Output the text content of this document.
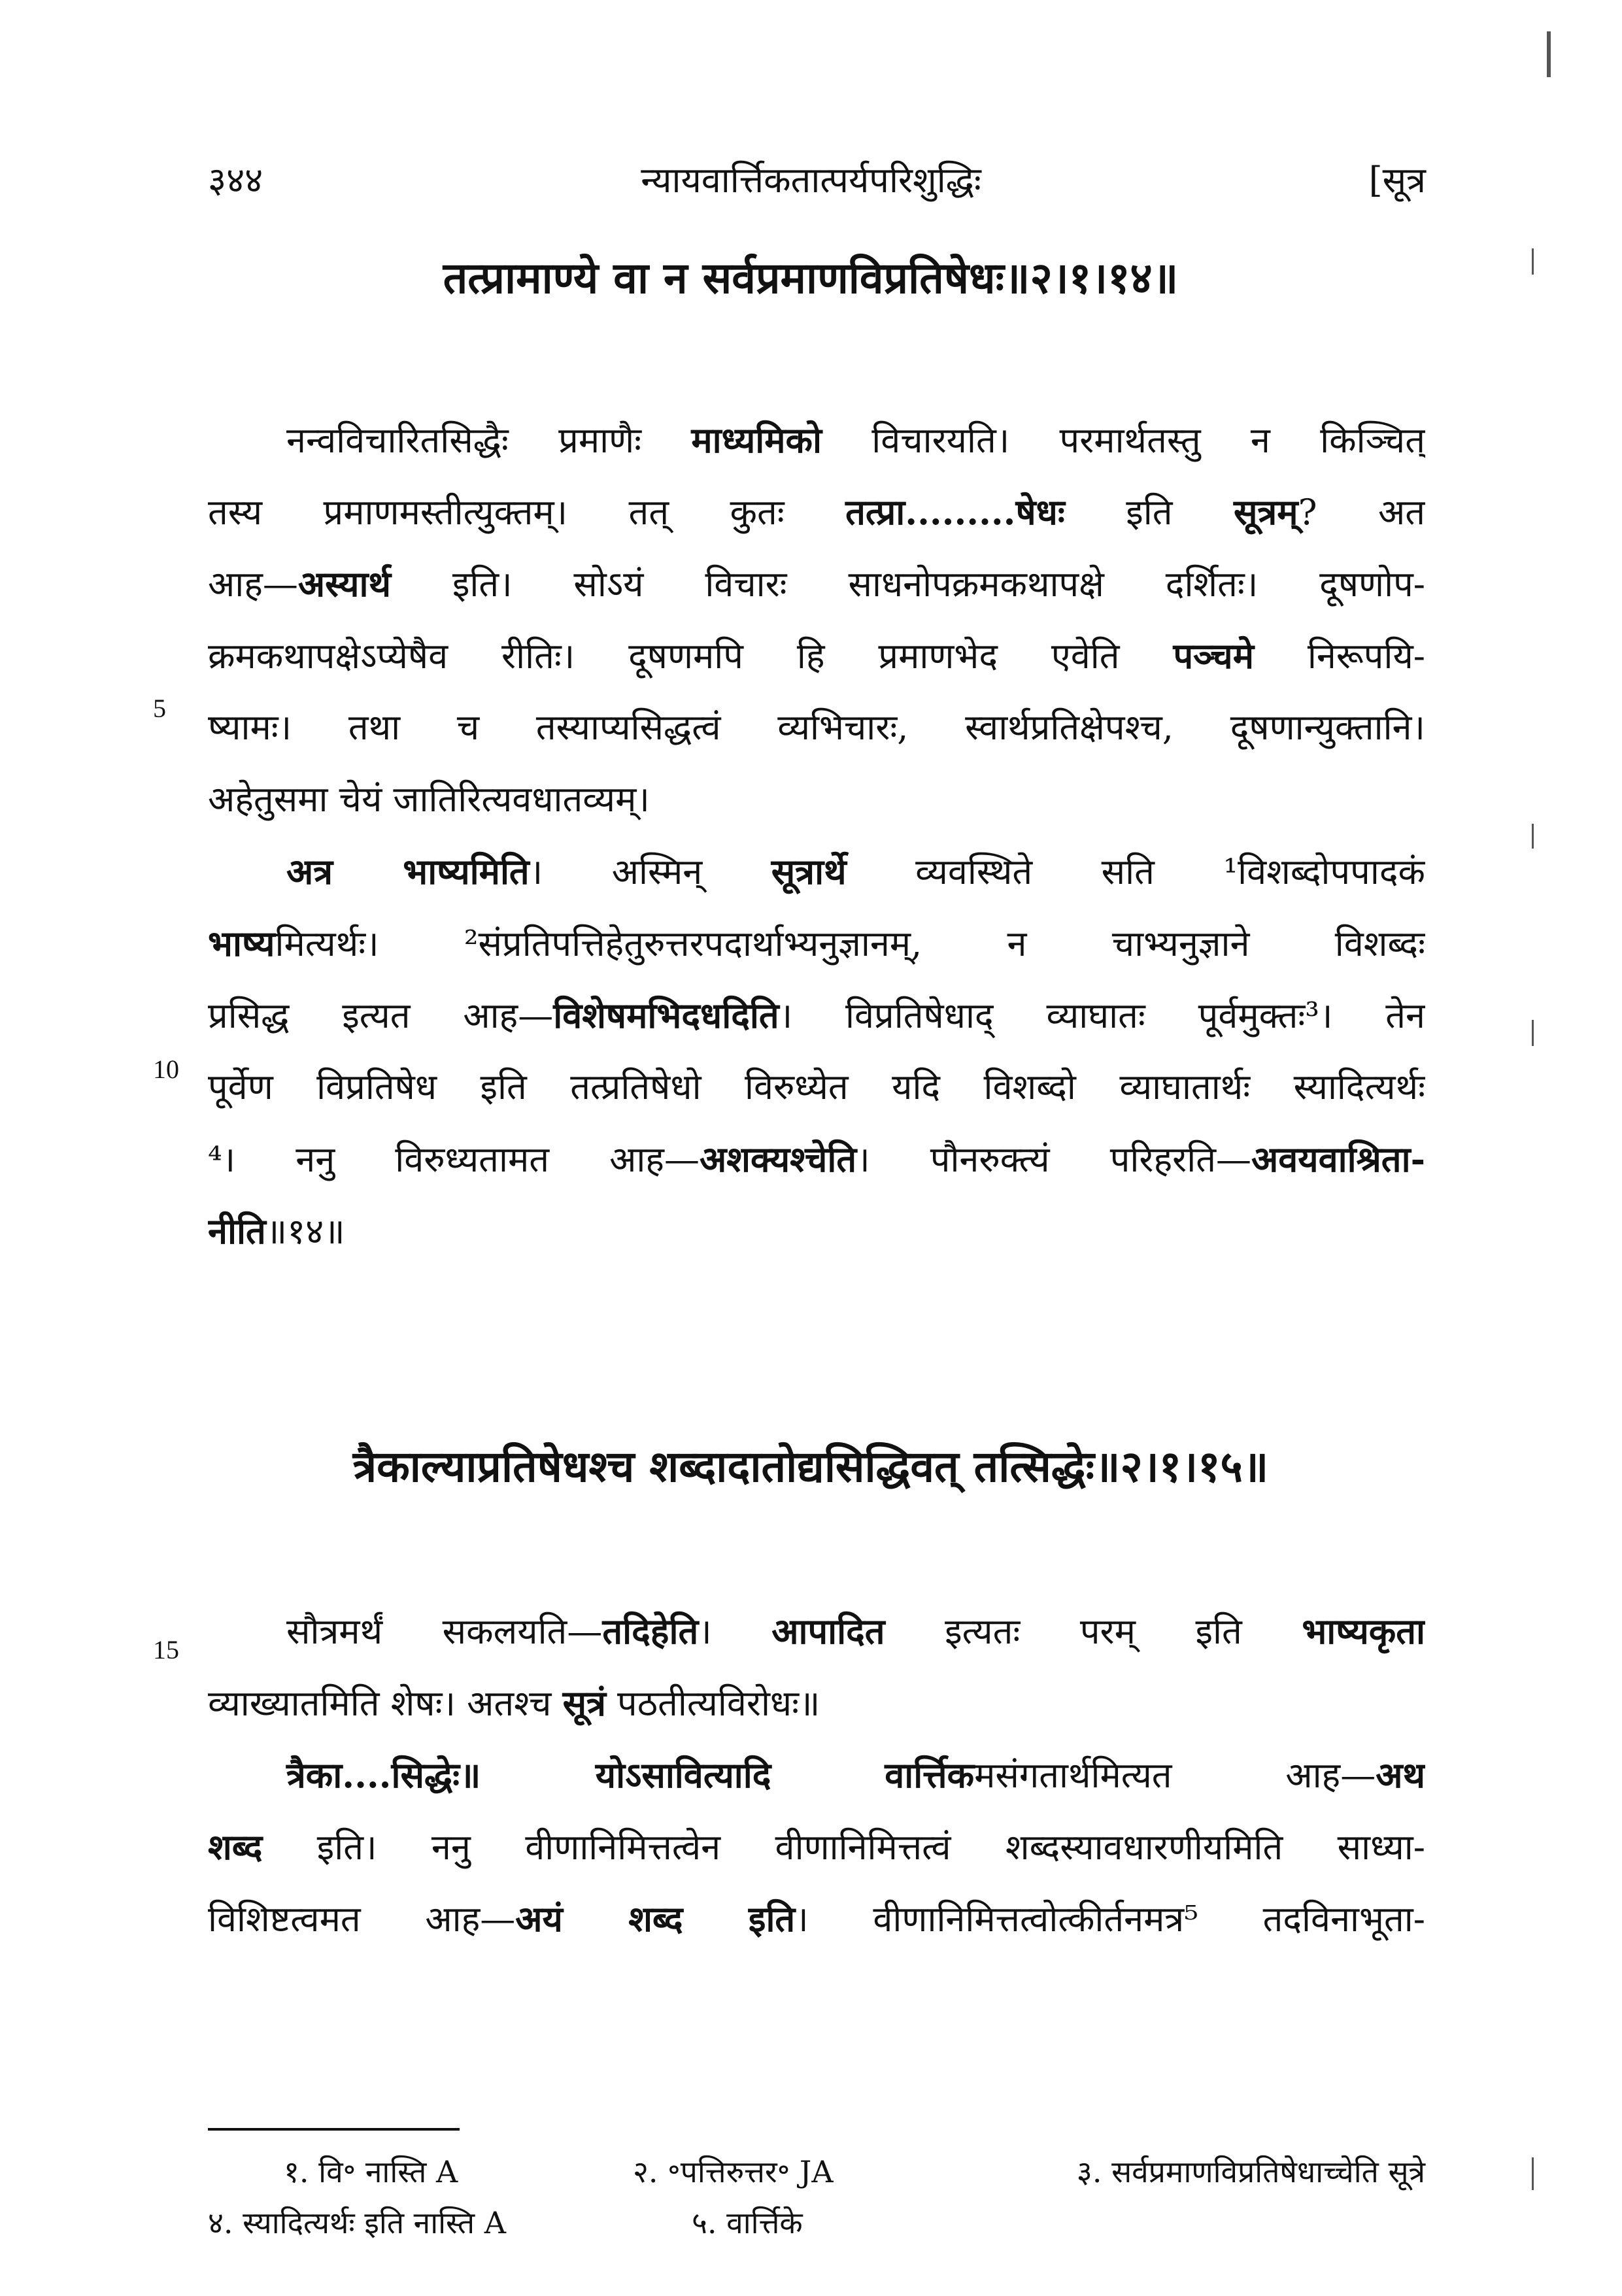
३४४	न्यायवार्त्तिकतात्पर्यपरिशुद्धिः	[सूत्र
तत्प्रामाण्ये वा न सर्वप्रमाणविप्रतिषेधः॥२।१।१४॥
नन्वविचारितसिद्धैः प्रमाणैः माध्यमिको विचारयति। परमार्थतस्तु न किञ्चित्
तस्य प्रमाणमस्तीत्युक्तम्। तत् कुतः तत्प्रा.........षेधः इति सूत्रम्? अत
आह—अस्यार्थ इति। सोऽयं विचारः साधनोपक्रमकथापक्षे दर्शितः। दूषणोप-
क्रमकथापक्षेऽप्येषैव रीतिः। दूषणमपि हि प्रमाणभेद एवेति पञ्चमे निरूपयि-
ष्यामः। तथा च तस्याप्यसिद्धत्वं व्यभिचारः, स्वार्थप्रतिक्षेपश्च, दूषणान्युक्तानि।
अहेतुसमा चेयं जातिरित्यवधातव्यम्।
अत्र भाष्यमिति। अस्मिन् सूत्रार्थे व्यवस्थिते सति ¹विशब्दोपपादकं
भाष्यमित्यर्थः। ²संप्रतिपत्तिहेतुरुत्तरपदार्थाभ्यनुज्ञानम्, न चाभ्यनुज्ञाने विशब्दः
प्रसिद्ध इत्यत आह—विशेषमभिदधदिति। विप्रतिषेधाद् व्याघातः पूर्वमुक्तः³। तेन
पूर्वेण विप्रतिषेध इति तत्प्रतिषेधो विरुध्येत यदि विशब्दो व्याघातार्थः स्यादित्यर्थः
⁴। ननु विरुध्यतामत आह—अशक्यश्चेति। पौनरुक्त्यं परिहरति—अवयवाश्रिता-
नीति॥१४॥
त्रैकाल्याप्रतिषेधश्च शब्दादातोद्यसिद्धिवत् तत्सिद्धेः॥२।१।१५॥
सौत्रमर्थं सकलयति—तदिहेति। आपादित इत्यतः परम् इति भाष्यकृता
व्याख्यातमिति शेषः। अतश्च सूत्रं पठतीत्यविरोधः॥
त्रैका....सिद्धेः॥ योऽसावित्यादि	वार्त्तिकमसंगतार्थमित्यत आह—अथ
शब्द इति। ननु वीणानिमित्तत्वेन वीणानिमित्तत्वं शब्दस्यावधारणीयमिति साध्या-
विशिष्टत्वमत आह—अयं शब्द इति। वीणानिमित्तत्वोत्कीर्तनमत्र⁵ तदविनाभूता-
5
10
15
१. वि॰ नास्ति A	२. ॰पत्तिरुत्तर॰ JA	३. सर्वप्रमाणविप्रतिषेधाच्चेति सूत्रे
४. स्यादित्यर्थः इति नास्ति A	५. वार्त्तिके
